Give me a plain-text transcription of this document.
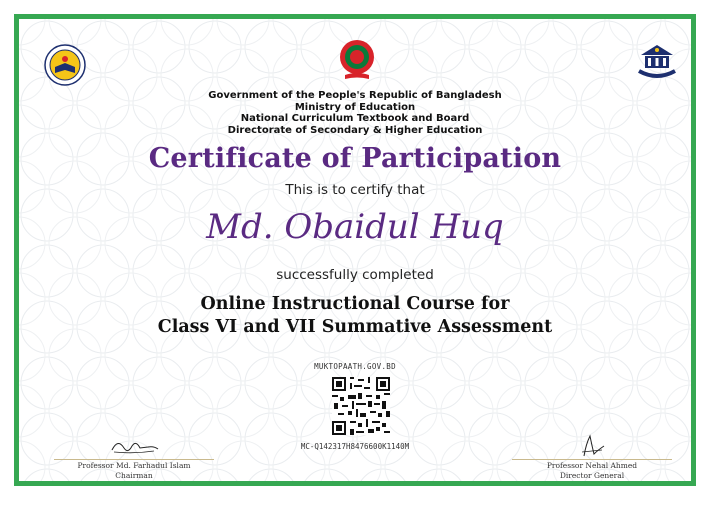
Government of the People's Republic of Bangladesh
Ministry of Education
National Curriculum Textbook and Board
Directorate of Secondary & Higher Education
Certificate of Participation
This is to certify that
Md. Obaidul Huq
successfully completed
Online Instructional Course for
Class VI and VII Summative Assessment
MUKTOPAATH.GOV.BD
MC-Q142317H8476600K1140M
Professor Md. Farhadul Islam
Chairman
National Curriculum and Textbook Board
Professor Nehal Ahmed
Director General
Directorate of Secondary and Higher Education
